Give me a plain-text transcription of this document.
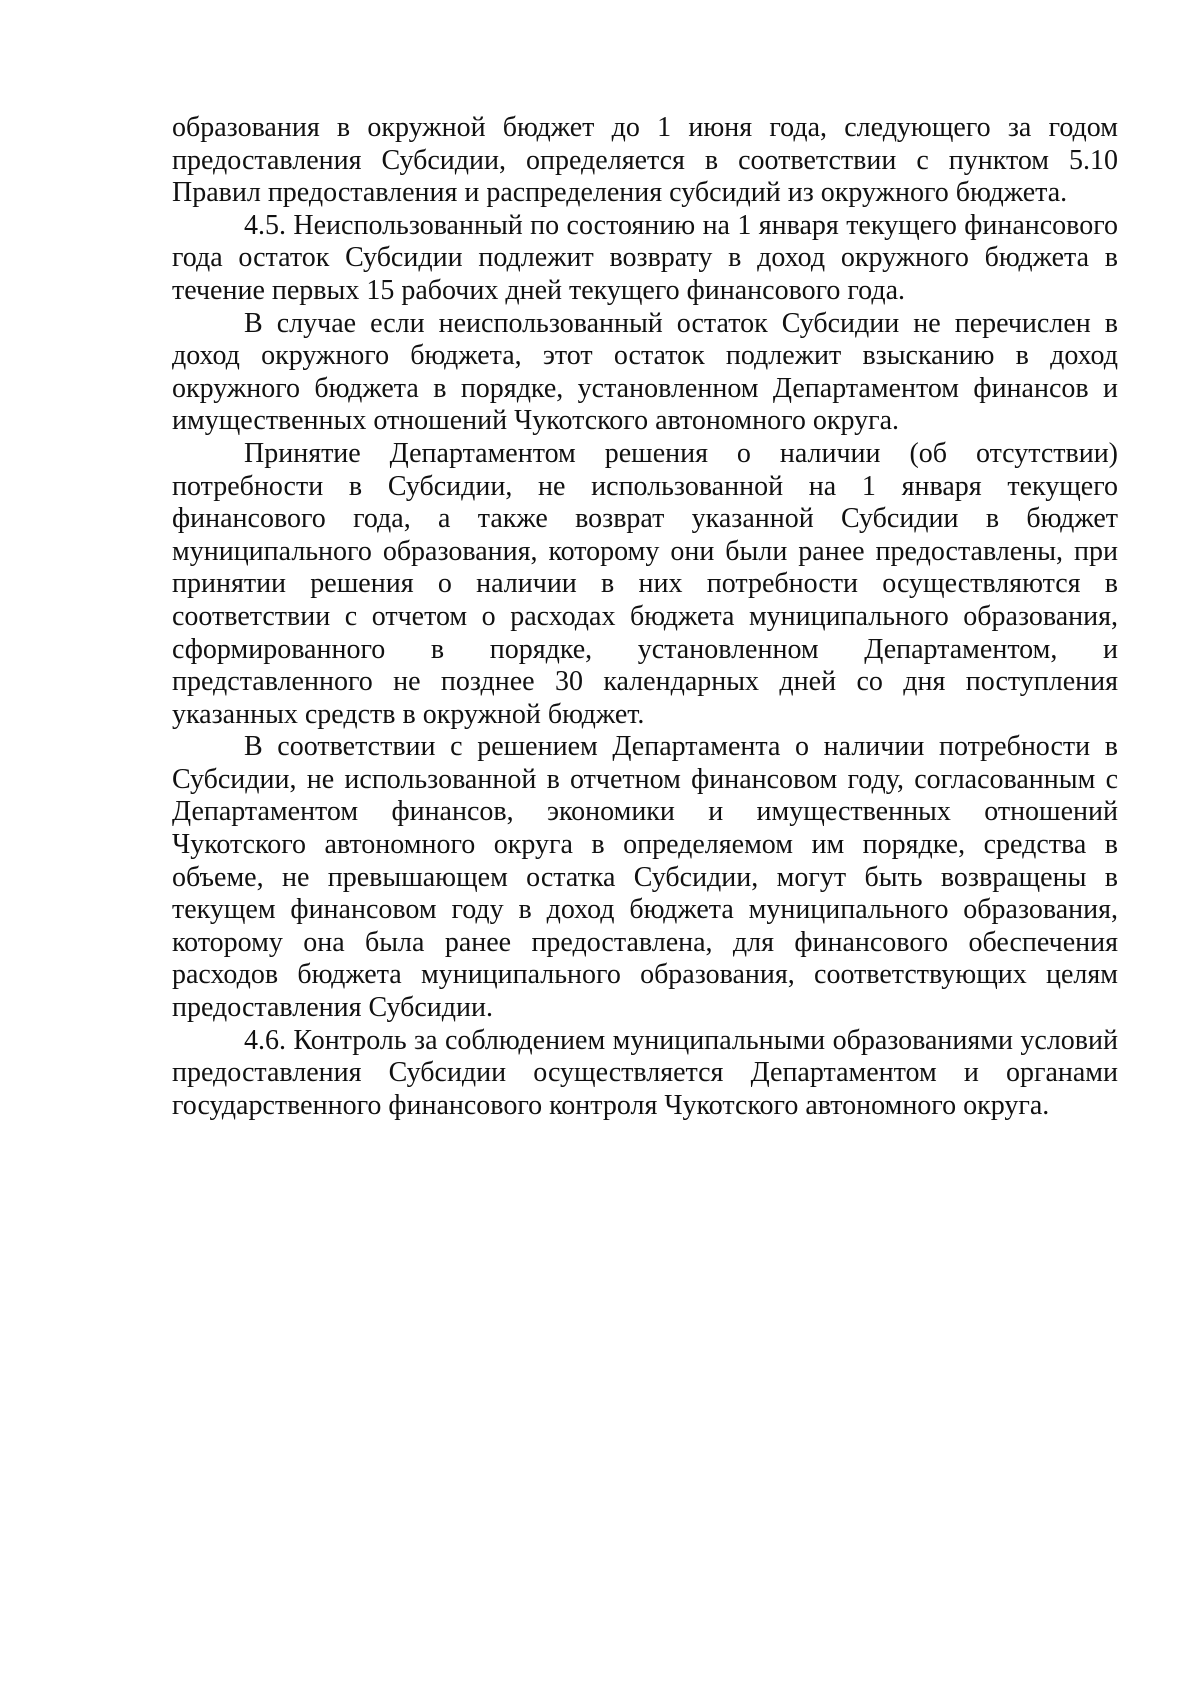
образования в окружной бюджет до 1 июня года, следующего за годом предоставления Субсидии, определяется в соответствии с пунктом 5.10 Правил предоставления и распределения субсидий из окружного бюджета.

4.5. Неиспользованный по состоянию на 1 января текущего финансового года остаток Субсидии подлежит возврату в доход окружного бюджета в течение первых 15 рабочих дней текущего финансового года.

В случае если неиспользованный остаток Субсидии не перечислен в доход окружного бюджета, этот остаток подлежит взысканию в доход окружного бюджета в порядке, установленном Департаментом финансов и имущественных отношений Чукотского автономного округа.

Принятие Департаментом решения о наличии (об отсутствии) потребности в Субсидии, не использованной на 1 января текущего финансового года, а также возврат указанной Субсидии в бюджет муниципального образования, которому они были ранее предоставлены, при принятии решения о наличии в них потребности осуществляются в соответствии с отчетом о расходах бюджета муниципального образования, сформированного в порядке, установленном Департаментом, и представленного не позднее 30 календарных дней со дня поступления указанных средств в окружной бюджет.

В соответствии с решением Департамента о наличии потребности в Субсидии, не использованной в отчетном финансовом году, согласованным с Департаментом финансов, экономики и имущественных отношений Чукотского автономного округа в определяемом им порядке, средства в объеме, не превышающем остатка Субсидии, могут быть возвращены в текущем финансовом году в доход бюджета муниципального образования, которому она была ранее предоставлена, для финансового обеспечения расходов бюджета муниципального образования, соответствующих целям предоставления Субсидии.

4.6. Контроль за соблюдением муниципальными образованиями условий предоставления Субсидии осуществляется Департаментом и органами государственного финансового контроля Чукотского автономного округа.
